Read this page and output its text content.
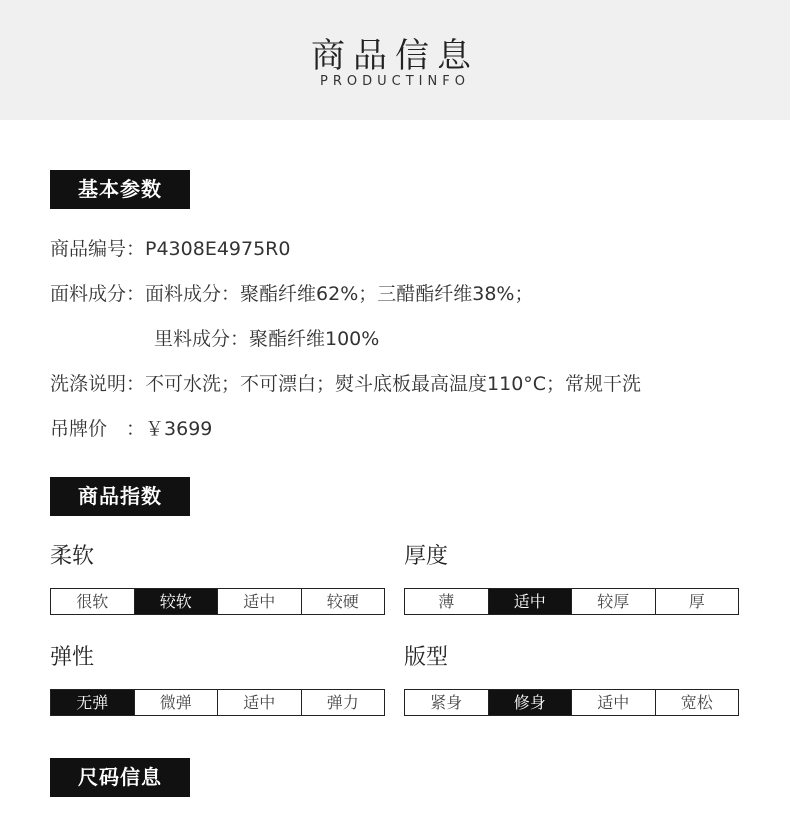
商品信息
PRODUCTINFO
基本参数
商品编号：P4308E4975R0
面料成分：面料成分：聚酯纤维62%；三醋酯纤维38%；
里料成分：聚酯纤维100%
洗涤说明：不可水洗；不可漂白；熨斗底板最高温度110°C；常规干洗
吊牌价　：￥3699
商品指数
柔软
很软	较软	适中	较硬
厚度
薄	适中	较厚	厚
弹性
无弹	微弹	适中	弹力
版型
紧身	修身	适中	宽松
尺码信息
